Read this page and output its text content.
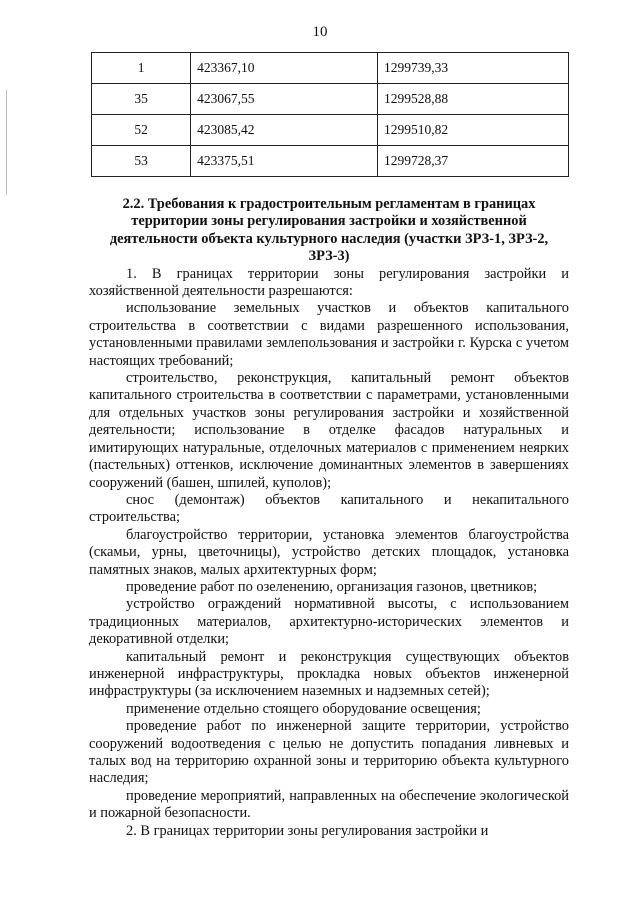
10
1	423367,10	1299739,33
35	423067,55	1299528,88
52	423085,42	1299510,82
53	423375,51	1299728,37

2.2. Требования к градостроительным регламентам в границах территории зоны регулирования застройки и хозяйственной деятельности объекта культурного наследия (участки ЗРЗ-1, ЗРЗ-2, ЗРЗ-3)

1. В границах территории зоны регулирования застройки и хозяйственной деятельности разрешаются:

использование земельных участков и объектов капитального строительства в соответствии с видами разрешенного использования, установленными правилами землепользования и застройки г. Курска с учетом настоящих требований;

строительство, реконструкция, капитальный ремонт объектов капитального строительства в соответствии с параметрами, установленными для отдельных участков зоны регулирования застройки и хозяйственной деятельности; использование в отделке фасадов натуральных и имитирующих натуральные, отделочных материалов с применением неярких (пастельных) оттенков, исключение доминантных элементов в завершениях сооружений (башен, шпилей, куполов);

снос (демонтаж) объектов капитального и некапитального строительства;

благоустройство территории, установка элементов благоустройства (скамьи, урны, цветочницы), устройство детских площадок, установка памятных знаков, малых архитектурных форм;

проведение работ по озеленению, организация газонов, цветников;

устройство ограждений нормативной высоты, с использованием традиционных материалов, архитектурно-исторических элементов и декоративной отделки;

капитальный ремонт и реконструкция существующих объектов инженерной инфраструктуры, прокладка новых объектов инженерной инфраструктуры (за исключением наземных и надземных сетей);

применение отдельно стоящего оборудование освещения;

проведение работ по инженерной защите территории, устройство сооружений водоотведения с целью не допустить попадания ливневых и талых вод на территорию охранной зоны и территорию объекта культурного наследия;

проведение мероприятий, направленных на обеспечение экологической и пожарной безопасности.

2. В границах территории зоны регулирования застройки и
